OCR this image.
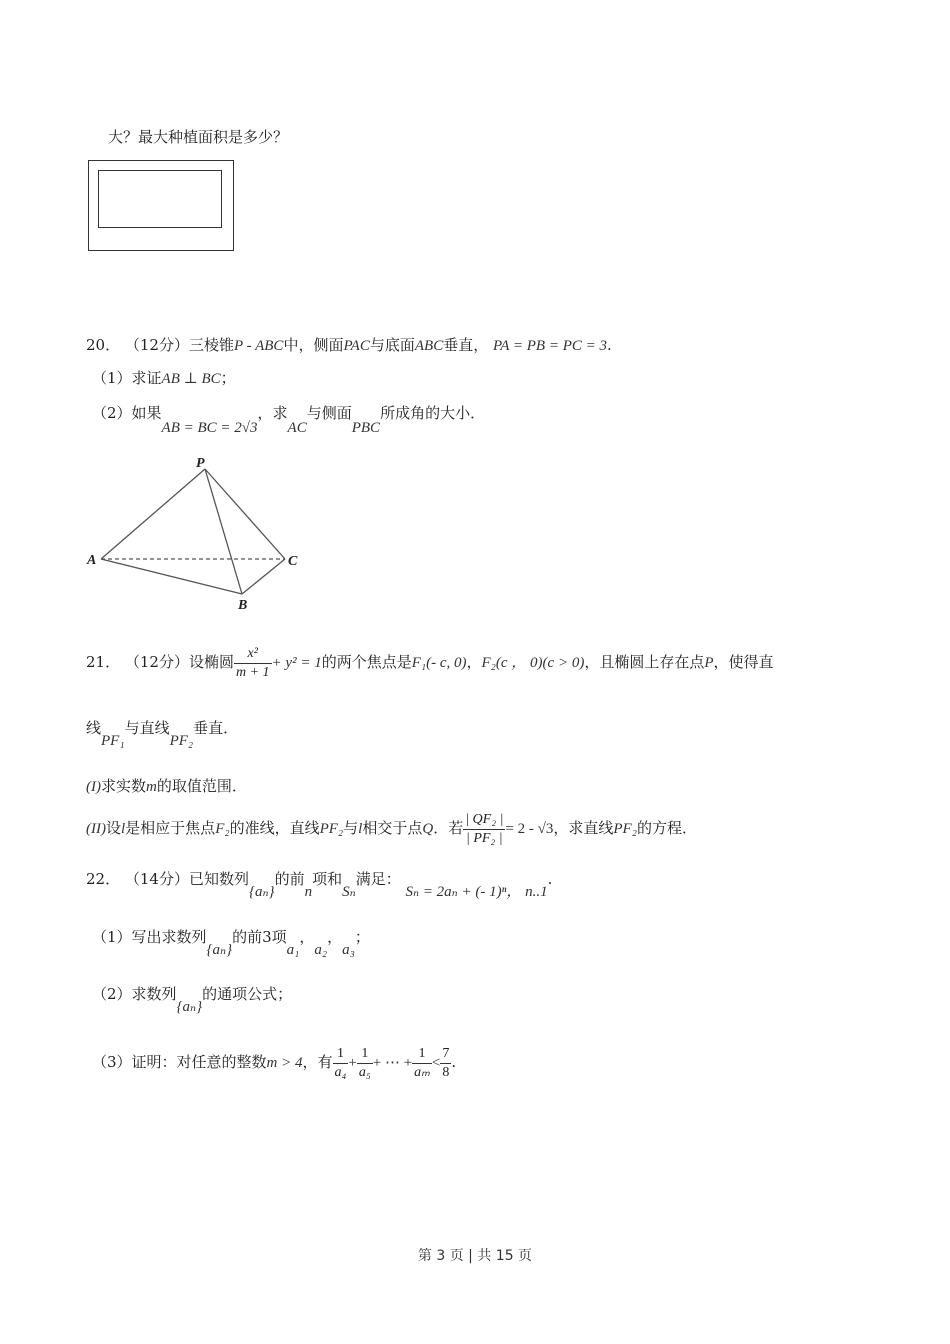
大？最大种植面积是多少？
20． （12分）三棱锥P - ABC中，侧面PAC与底面ABC垂直， PA = PB = PC = 3.
（1）求证AB ⊥ BC；
（2）如果AB = BC = 2√3，求AC与侧面PBC所成角的大小．
P
A	C
B
21． （12分）设椭圆 $\frac{\text{x²}}{m + 1} + y^2 = 1$的两个焦点是F₁(- c, 0)，F₂(c ， 0)(c > 0)，且椭圆上存在点P，使得直
线PF₁与直线PF₂垂直．
(I)求实数m的取值范围．
(II)设l是相应于焦点F₂的准线，直线PF₂与l相交于点Q．若 $\frac{\text{| QF₂ |}}{\text{| PF₂ |}} = 2 - √3$，求直线PF₂的方程．
22． （14分）已知数列{aₙ}的前n项和Sₙ满足： Sₙ = 2aₙ + (- 1)ⁿ， n..1.
（1）写出求数列{aₙ}的前3项a₁，a₂，a₃；
（2）求数列{aₙ}的通项公式；
（3）证明：对任意的整数m > 4，有 $\frac{1}{\text{a₄}} + \frac{1}{\text{a₅}}$ + ⋯ + $\frac{1}{\text{aₘ}} < \frac{7}{8}$ .
第 3 页 | 共 15 页
